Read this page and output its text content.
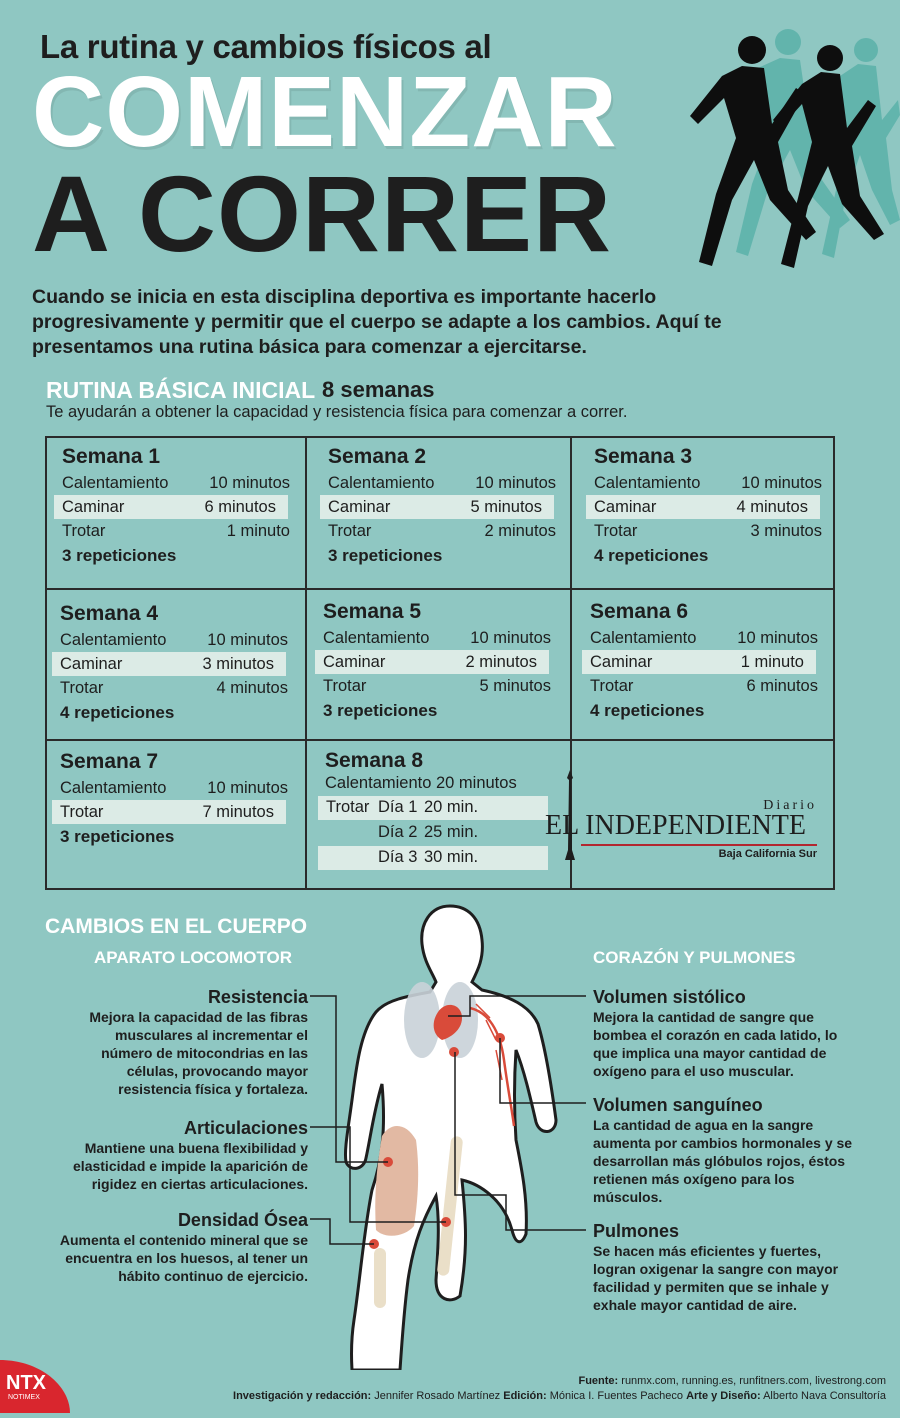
La rutina y cambios físicos al
COMENZAR
A CORRER
Cuando se inicia en esta disciplina deportiva es importante hacerlo progresivamente y permitir que el cuerpo se adapte a los cambios. Aquí te presentamos una rutina básica para comenzar a ejercitarse.
RUTINA BÁSICA INICIAL 8 semanas
Te ayudarán a obtener la capacidad y resistencia física para comenzar a correr.
Semana 1
Calentamiento 10 minutos
Caminar	6 minutos
Trotar	1 minuto
3 repeticiones
Semana 2
Calentamiento 10 minutos
Caminar	5 minutos
Trotar	2 minutos
3 repeticiones
Semana 3
Calentamiento 10 minutos
Caminar	4 minutos
Trotar	3 minutos
4 repeticiones
Semana 4
Calentamiento 10 minutos
Caminar	3 minutos
Trotar	4 minutos
4 repeticiones
Semana 5
Calentamiento 10 minutos
Caminar	2 minutos
Trotar	5 minutos
3 repeticiones
Semana 6
Calentamiento 10 minutos
Caminar	1 minuto
Trotar	6 minutos
4 repeticiones
Semana 7
Calentamiento 10 minutos
Trotar	7 minutos
3 repeticiones
Semana 8
Calentamiento 20 minutos
Trotar Día 1 20 min.
Día 2 25 min.
Día 3 30 min.
Diario
EL INDEPENDIENTE
Baja California Sur
CAMBIOS EN EL CUERPO
APARATO LOCOMOTOR	CORAZÓN Y PULMONES
Resistencia
Mejora la capacidad de las fibras musculares al incrementar el número de mitocondrias en las células, provocando mayor resistencia física y fortaleza.
Articulaciones
Mantiene una buena flexibilidad y elasticidad e impide la aparición de rigidez en ciertas articulaciones.
Densidad Ósea
Aumenta el contenido mineral que se encuentra en los huesos, al tener un hábito continuo de ejercicio.
Volumen sistólico
Mejora la cantidad de sangre que bombea el corazón en cada latido, lo que implica una mayor cantidad de oxígeno para el uso muscular.
Volumen sanguíneo
La cantidad de agua en la sangre aumenta por cambios hormonales y se desarrollan más glóbulos rojos, éstos retienen más oxígeno para los músculos.
Pulmones
Se hacen más eficientes y fuertes, logran oxigenar la sangre con mayor facilidad y permiten que se inhale y exhale mayor cantidad de aire.
NTX
NOTIMEX
Fuente: runmx.com, running.es, runfitners.com, livestrong.com
Investigación y redacción: Jennifer Rosado Martínez Edición: Mónica I. Fuentes Pacheco Arte y Diseño: Alberto Nava Consultoría
